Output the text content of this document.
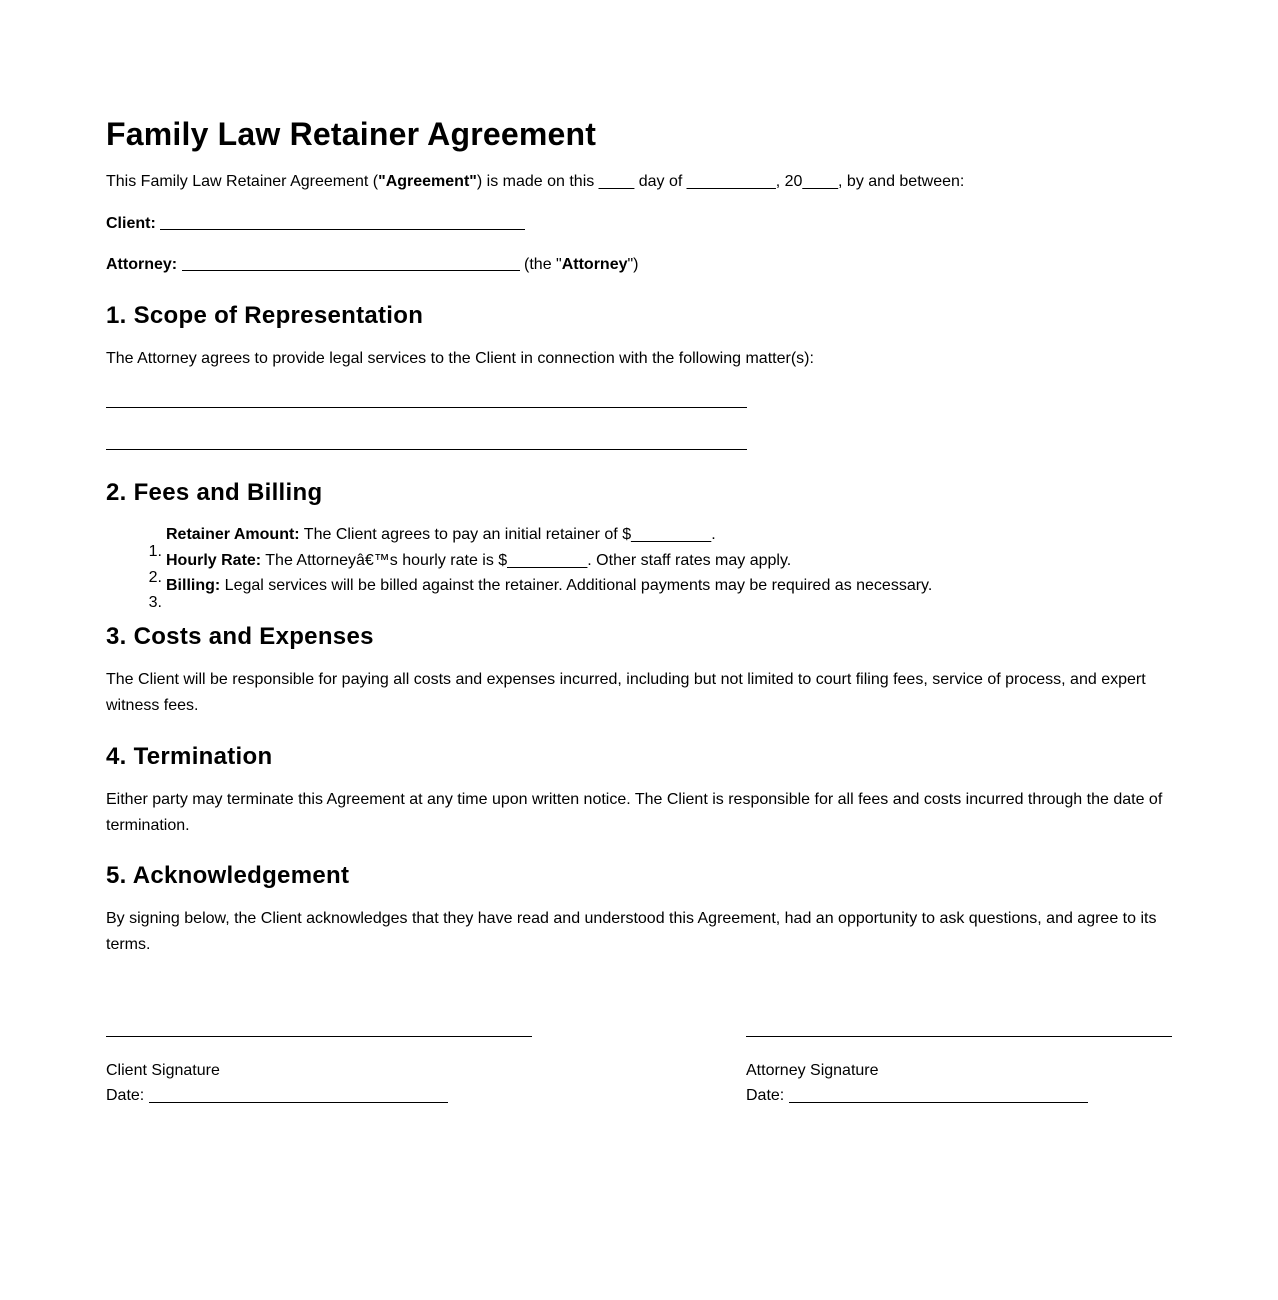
Family Law Retainer Agreement
This Family Law Retainer Agreement ("Agreement") is made on this ____ day of __________, 20____, by and between:
Client:
Attorney:	(the "Attorney")
1. Scope of Representation

The Attorney agrees to provide legal services to the Client in connection with the following matter(s):

2. Fees and Billing
1.
Retainer Amount: The Client agrees to pay an initial retainer of $_________.
2.
Hourly Rate: The Attorneyâ€™s hourly rate is $_________. Other staff rates may apply.
3.
Billing: Legal services will be billed against the retainer. Additional payments may be required as necessary.
3. Costs and Expenses

The Client will be responsible for paying all costs and expenses incurred, including but not limited to court filing fees, service of process, and expert witness fees.

4. Termination

Either party may terminate this Agreement at any time upon written notice. The Client is responsible for all fees and costs incurred through the date of termination.

5. Acknowledgement

By signing below, the Client acknowledges that they have read and understood this Agreement, had an opportunity to ask questions, and agree to its terms.

Client Signature
Date:
Attorney Signature
Date:
